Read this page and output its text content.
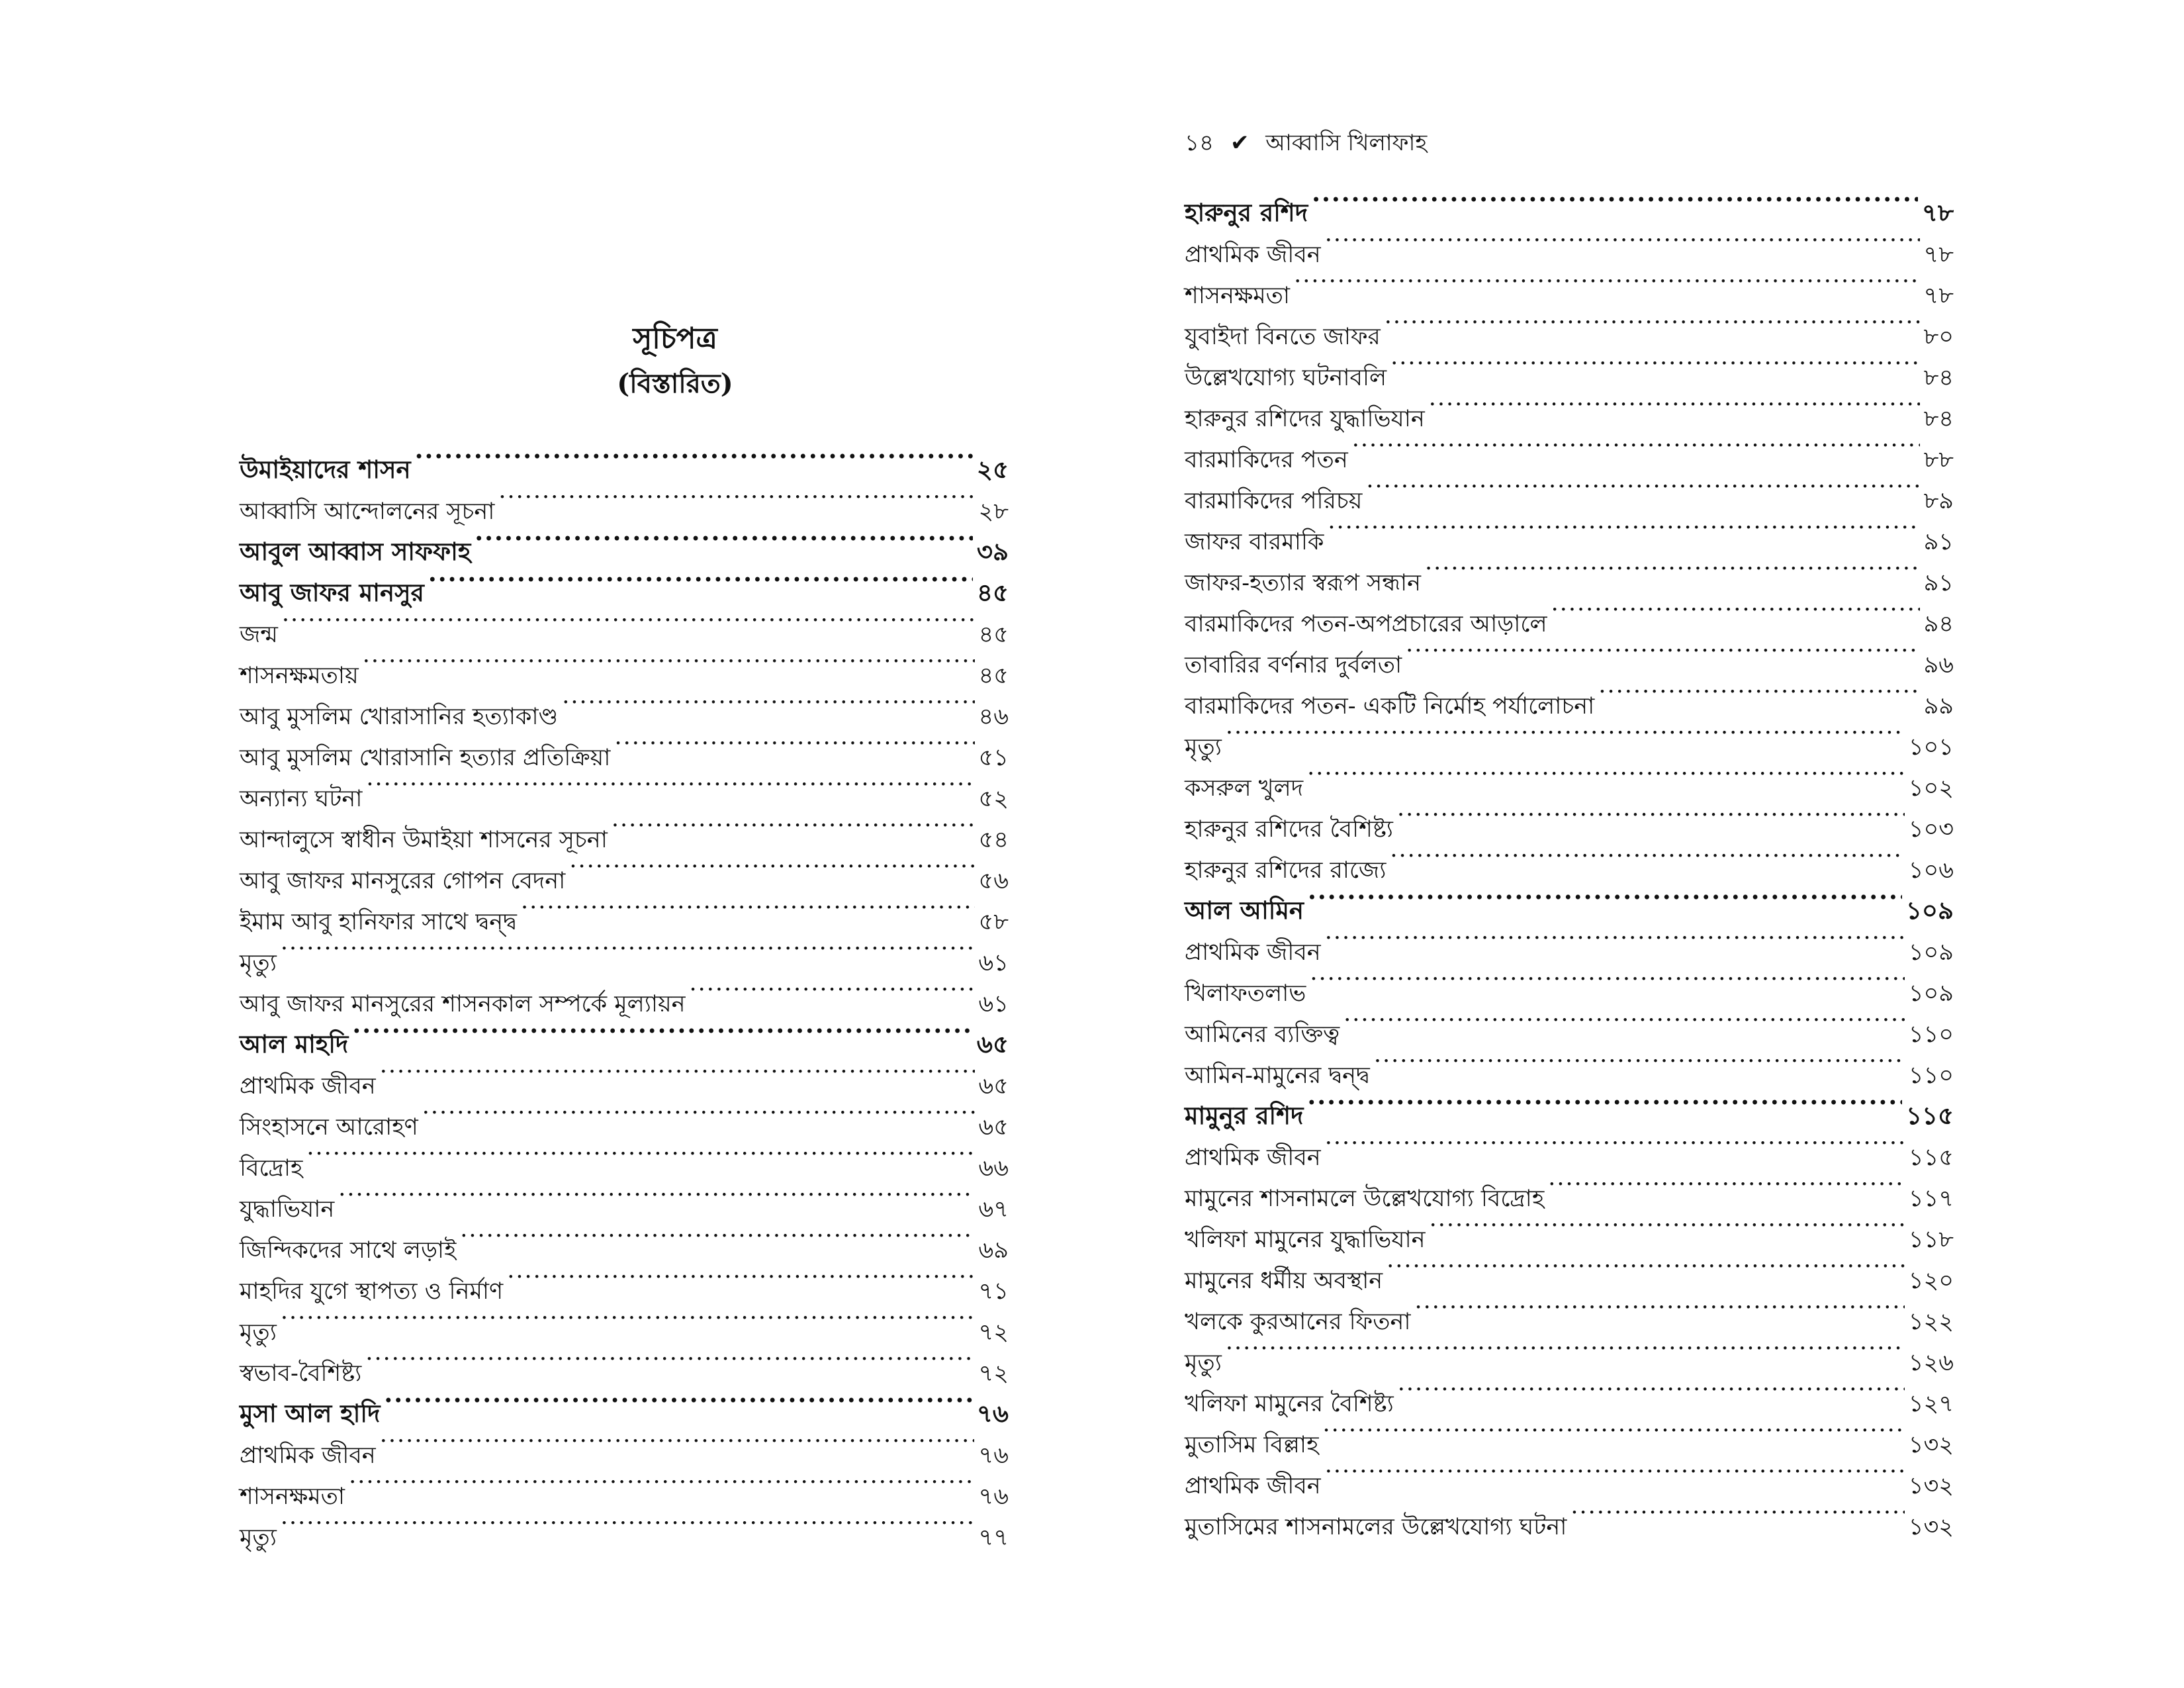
সূচিপত্র
(বিস্তারিত)
উমাইয়াদের শাসন .....	২৫
আব্বাসি আন্দোলনের সূচনা .....	২৮
আবুল আব্বাস সাফফাহ .....	৩৯
আবু জাফর মানসুর .....	৪৫
জন্ম .....	৪৫
শাসনক্ষমতায় .....	৪৫
আবু মুসলিম খোরাসানির হত্যাকাণ্ড .....	৪৬
আবু মুসলিম খোরাসানি হত্যার প্রতিক্রিয়া .....	৫১
অন্যান্য ঘটনা .....	৫২
আন্দালুসে স্বাধীন উমাইয়া শাসনের সূচনা .....	৫৪
আবু জাফর মানসুরের গোপন বেদনা .....	৫৬
ইমাম আবু হানিফার সাথে দ্বন্দ্ব .....	৫৮
মৃত্যু .....	৬১
আবু জাফর মানসুরের শাসনকাল সম্পর্কে মূল্যায়ন .....	৬১
আল মাহদি .....	৬৫
প্রাথমিক জীবন .....	৬৫
সিংহাসনে আরোহণ .....	৬৫
বিদ্রোহ .....	৬৬
যুদ্ধাভিযান .....	৬৭
জিন্দিকদের সাথে লড়াই .....	৬৯
মাহদির যুগে স্থাপত্য ও নির্মাণ .....	৭১
মৃত্যু .....	৭২
স্বভাব-বৈশিষ্ট্য .....	৭২
মুসা আল হাদি .....	৭৬
প্রাথমিক জীবন .....	৭৬
শাসনক্ষমতা .....	৭৬
মৃত্যু .....	৭৭
১৪ ✔ আব্বাসি খিলাফাহ
হারুনুর রশিদ .....	৭৮
প্রাথমিক জীবন .....	৭৮
শাসনক্ষমতা .....	৭৮
যুবাইদা বিনতে জাফর .....	৮০
উল্লেখযোগ্য ঘটনাবলি .....	৮৪
হারুনুর রশিদের যুদ্ধাভিযান .....	৮৪
বারমাকিদের পতন .....	৮৮
বারমাকিদের পরিচয় .....	৮৯
জাফর বারমাকি .....	৯১
জাফর-হত্যার স্বরূপ সন্ধান .....	৯১
বারমাকিদের পতন-অপপ্রচারের আড়ালে .....	৯৪
তাবারির বর্ণনার দুর্বলতা .....	৯৬
বারমাকিদের পতন- একটি নির্মোহ পর্যালোচনা .....	৯৯
মৃত্যু .....	১০১
কসরুল খুলদ .....	১০২
হারুনুর রশিদের বৈশিষ্ট্য .....	১০৩
হারুনুর রশিদের রাজ্যে .....	১০৬
আল আমিন .....	১০৯
প্রাথমিক জীবন .....	১০৯
খিলাফতলাভ .....	১০৯
আমিনের ব্যক্তিত্ব .....	১১০
আমিন-মামুনের দ্বন্দ্ব .....	১১০
মামুনুর রশিদ .....	১১৫
প্রাথমিক জীবন .....	১১৫
মামুনের শাসনামলে উল্লেখযোগ্য বিদ্রোহ .....	১১৭
খলিফা মামুনের যুদ্ধাভিযান .....	১১৮
মামুনের ধর্মীয় অবস্থান .....	১২০
খলকে কুরআনের ফিতনা .....	১২২
মৃত্যু .....	১২৬
খলিফা মামুনের বৈশিষ্ট্য .....	১২৭
মুতাসিম বিল্লাহ .....	১৩২
প্রাথমিক জীবন .....	১৩২
মুতাসিমের শাসনামলের উল্লেখযোগ্য ঘটনা .....	১৩২
